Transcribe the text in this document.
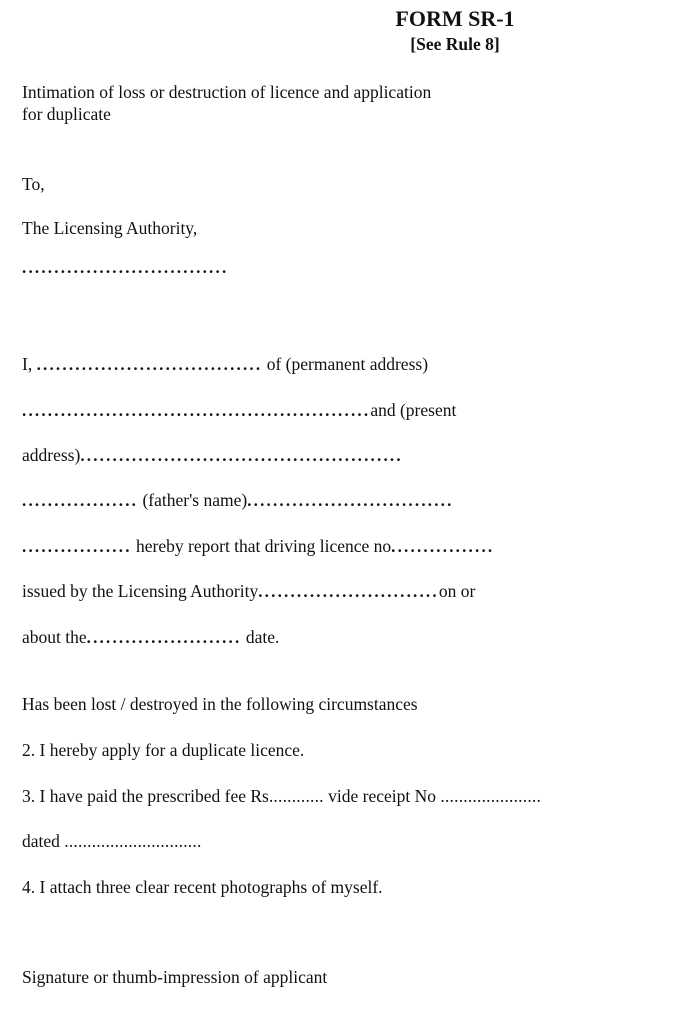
FORM SR-1
[See Rule 8]
Intimation of loss or destruction of licence and application
for duplicate
To,
The Licensing Authority,
................................
I, ................................... of (permanent address)
......................................................and (present
address)..................................................
.................. (father's name)................................
................. hereby report that driving licence no................
issued by the Licensing Authority............................on or
about the........................ date.
Has been lost / destroyed in the following circumstances
2. I hereby apply for a duplicate licence.
3. I have paid the prescribed fee Rs............ vide receipt No ......................
dated ..............................
4. I attach three clear recent photographs of myself.
Signature or thumb-impression of applicant
